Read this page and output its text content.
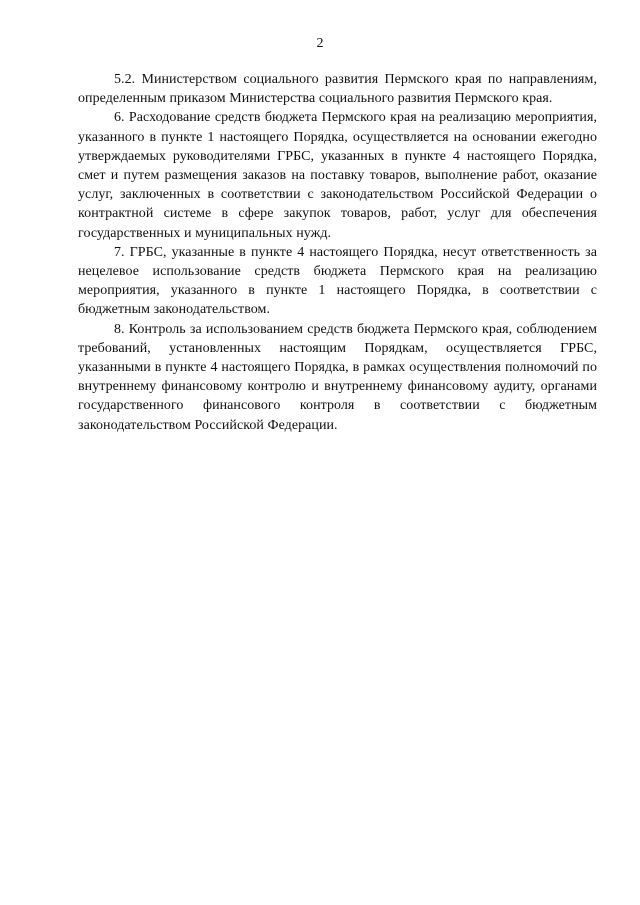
2

5.2. Министерством социального развития Пермского края по направлениям, определенным приказом Министерства социального развития Пермского края.

6. Расходование средств бюджета Пермского края на реализацию мероприятия, указанного в пункте 1 настоящего Порядка, осуществляется на основании ежегодно утверждаемых руководителями ГРБС, указанных в пункте 4 настоящего Порядка, смет и путем размещения заказов на поставку товаров, выполнение работ, оказание услуг, заключенных в соответствии с законодательством Российской Федерации о контрактной системе в сфере закупок товаров, работ, услуг для обеспечения государственных и муниципальных нужд.

7. ГРБС, указанные в пункте 4 настоящего Порядка, несут ответственность за нецелевое использование средств бюджета Пермского края на реализацию мероприятия, указанного в пункте 1 настоящего Порядка, в соответствии с бюджетным законодательством.

8. Контроль за использованием средств бюджета Пермского края, соблюдением требований, установленных настоящим Порядкам, осуществляется ГРБС, указанными в пункте 4 настоящего Порядка, в рамках осуществления полномочий по внутреннему финансовому контролю и внутреннему финансовому аудиту, органами государственного финансового контроля в соответствии с бюджетным законодательством Российской Федерации.
